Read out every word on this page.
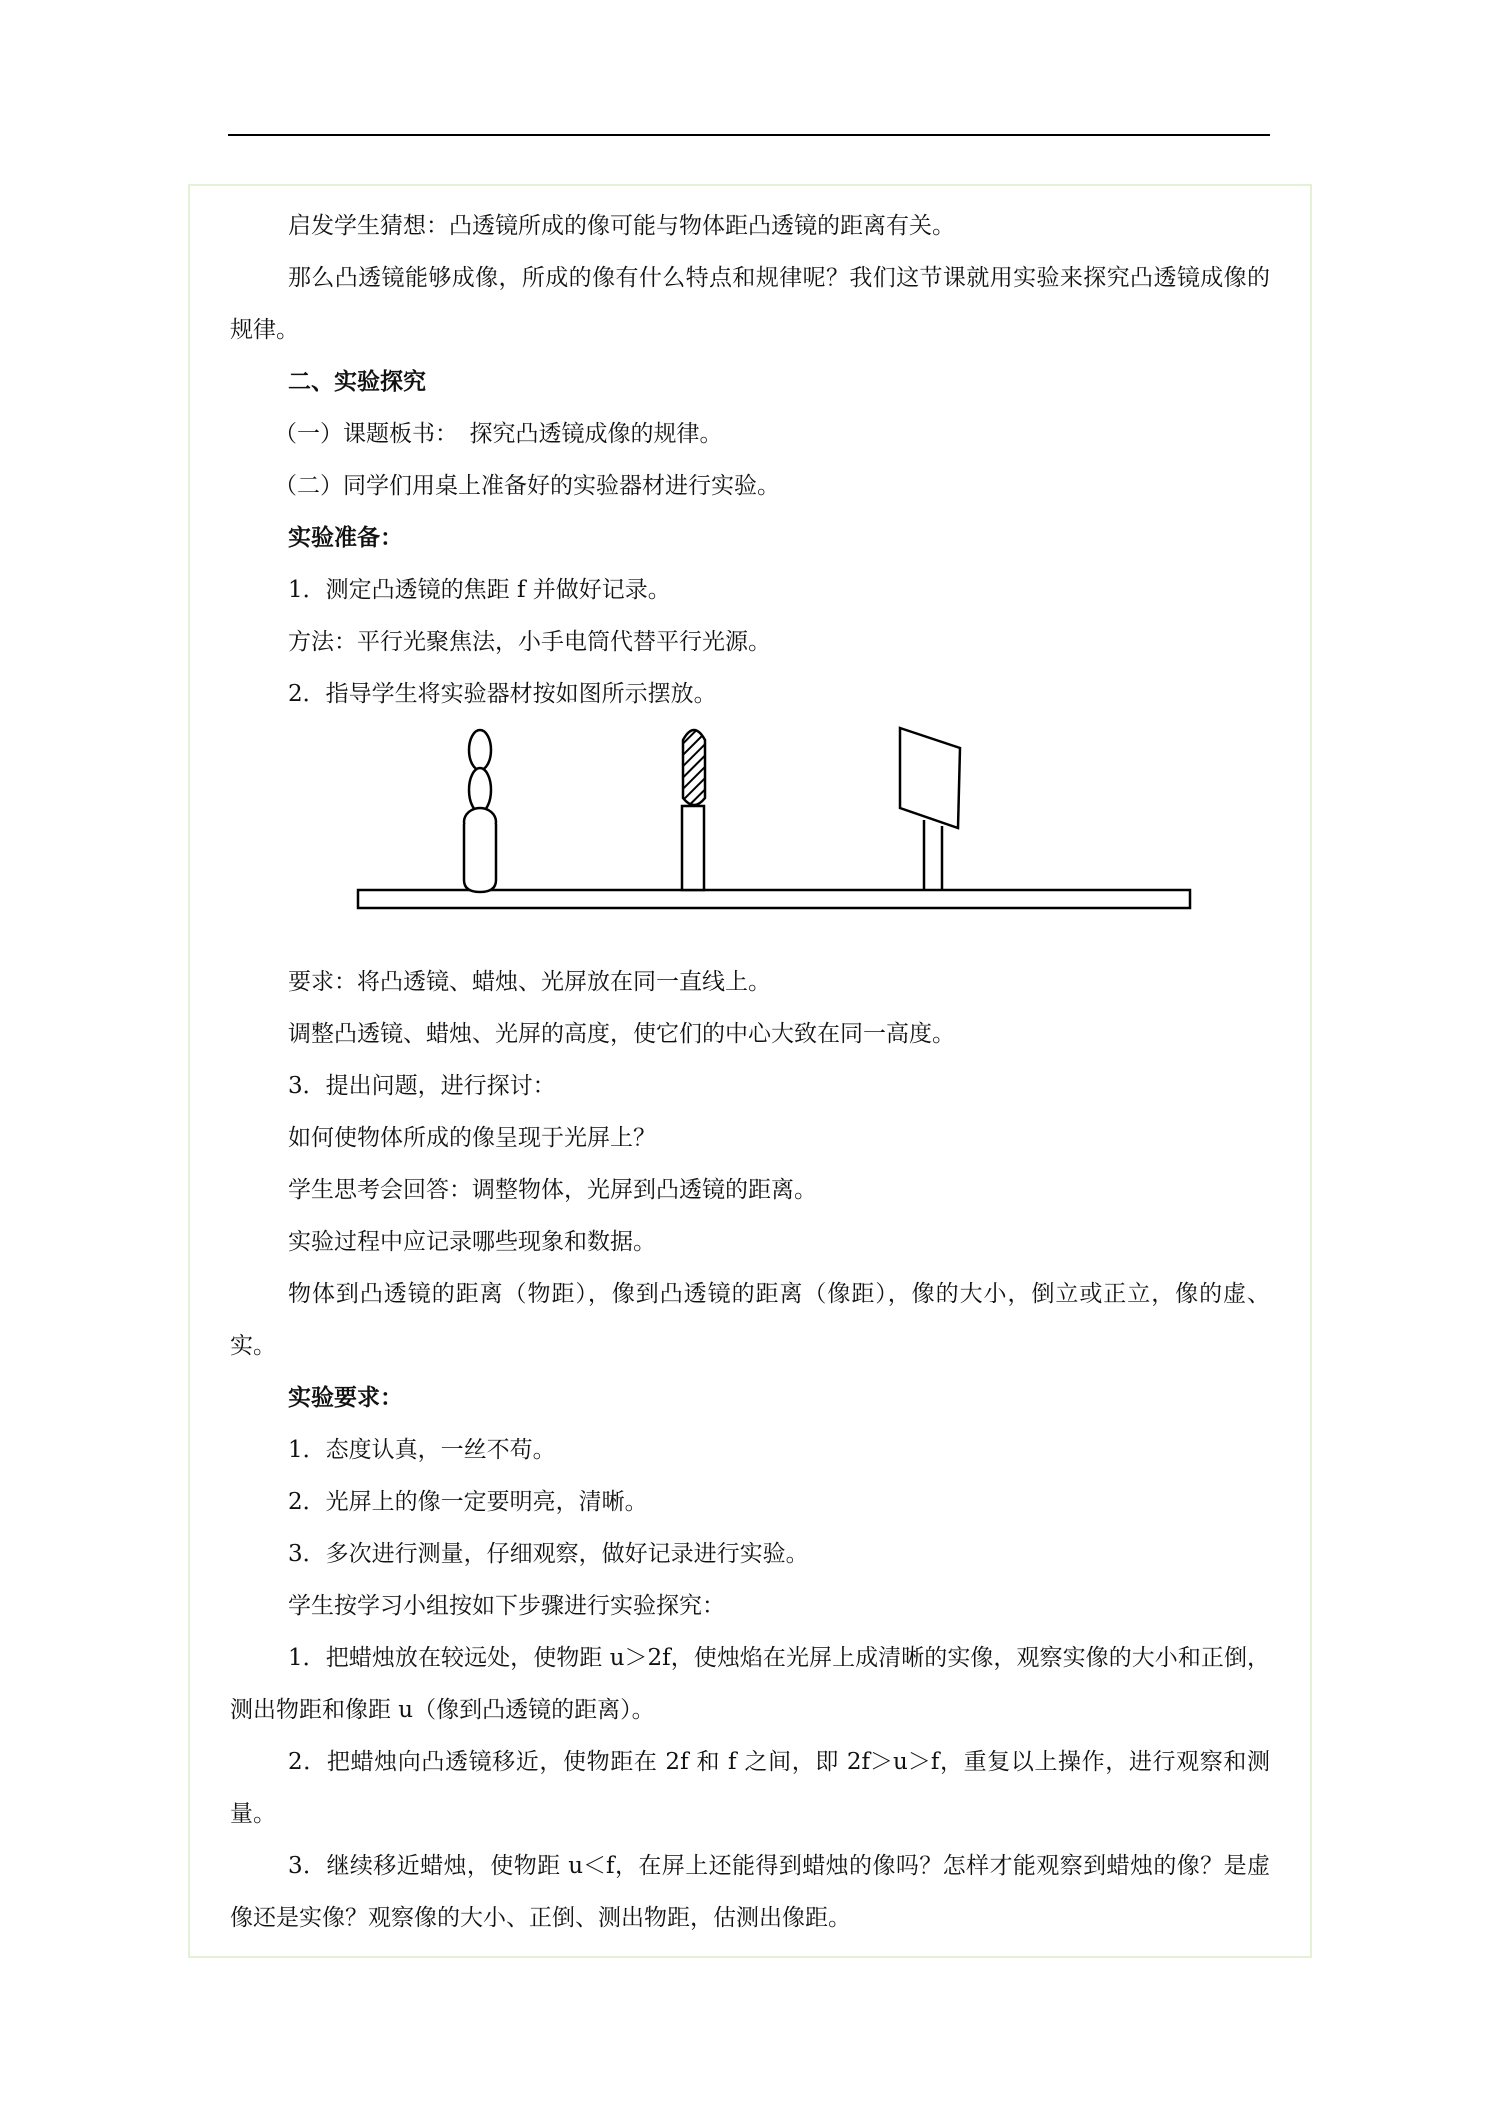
启发学生猜想：凸透镜所成的像可能与物体距凸透镜的距离有关。

那么凸透镜能够成像，所成的像有什么特点和规律呢？我们这节课就用实验来探究凸透镜成像的规律。

二、实验探究

（一）课题板书：　探究凸透镜成像的规律。

（二）同学们用桌上准备好的实验器材进行实验。

实验准备：

1．测定凸透镜的焦距 f 并做好记录。

方法：平行光聚焦法，小手电筒代替平行光源。

2．指导学生将实验器材按如图所示摆放。

要求：将凸透镜、蜡烛、光屏放在同一直线上。

调整凸透镜、蜡烛、光屏的高度，使它们的中心大致在同一高度。

3．提出问题，进行探讨：

如何使物体所成的像呈现于光屏上？

学生思考会回答：调整物体，光屏到凸透镜的距离。

实验过程中应记录哪些现象和数据。

物体到凸透镜的距离（物距），像到凸透镜的距离（像距），像的大小，倒立或正立，像的虚、实。

实验要求：

1．态度认真，一丝不苟。

2．光屏上的像一定要明亮，清晰。

3．多次进行测量，仔细观察，做好记录进行实验。

学生按学习小组按如下步骤进行实验探究：

1．把蜡烛放在较远处，使物距 u＞2f，使烛焰在光屏上成清晰的实像，观察实像的大小和正倒，测出物距和像距 u（像到凸透镜的距离）。

2．把蜡烛向凸透镜移近，使物距在 2f 和 f 之间，即 2f＞u＞f，重复以上操作，进行观察和测量。

3．继续移近蜡烛，使物距 u＜f，在屏上还能得到蜡烛的像吗？怎样才能观察到蜡烛的像？是虚像还是实像？观察像的大小、正倒、测出物距，估测出像距。
